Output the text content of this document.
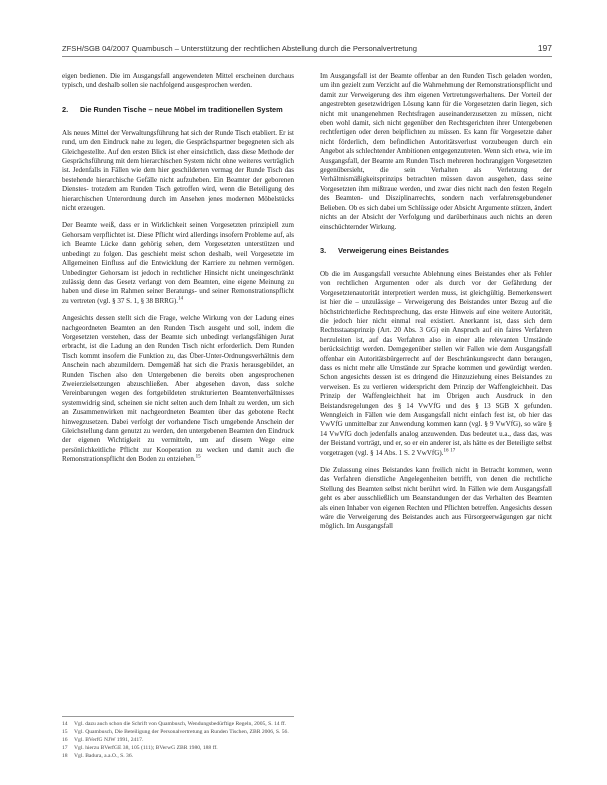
ZFSH/SGB 04/2007 Quambusch – Unterstützung der rechtlichen Abstellung durch die Personalvertretung	197

eigen bedienen. Die im Ausgangsfall angewendeten Mittel erscheinen durchaus typisch, und deshalb sollen sie nachfolgend ausgesprochen werden.

2.	Die Runden Tische – neue Möbel im traditionellen System

Als neues Mittel der Verwaltungsführung hat sich der Runde Tisch etabliert. Er ist rund, um den Eindruck nahe zu legen, die Gesprächspartner begegneten sich als Gleichgestellte. Auf den ersten Blick ist eher einsichtlich, dass diese Methode der Gesprächsführung mit dem hierarchischen System nicht ohne weiteres verträglich ist. Jedenfalls in Fällen wie dem hier geschilderten vermag der Runde Tisch das bestehende hierarchische Gefälle nicht aufzuheben. Ein Beamter der geborenen Dienstes- trotzdem am Runden Tisch getroffen wird, wenn die Beteiligung des hierarchischen Unterordnung durch im Ansehen jenes modernen Möbelstücks nicht erzeugen.

Der Beamte weiß, dass er in Wirklichkeit seinen Vorgesetzten prinzipiell zum Gehorsam verpflichtet ist. Diese Pflicht wird allerdings insofern Probleme auf, als ich Beamte Lücke dann gehörig sehen, dem Vorgesetzten unterstützen und unbedingt zu folgen. Das geschieht meist schon deshalb, weil Vorgesetzte im Allgemeinen Einfluss auf die Entwicklung der Karriere zu nehmen vermögen. Unbedingter Gehorsam ist jedoch in rechtlicher Hinsicht nicht uneingeschränkt zulässig denn das Gesetz verlangt von dem Beamten, eine eigene Meinung zu haben und diese im Rahmen seiner Beratungs- und seiner Remonstrationspflicht zu vertreten (vgl. § 37 S. 1, § 38 BRRG).$^{14}$

Angesichts dessen stellt sich die Frage, welche Wirkung von der Ladung eines nachgeordneten Beamten an den Runden Tisch ausgeht und soll, indem die Vorgesetzten verstehen, dass der Beamte sich unbedingt verlangsfähigen Jurat erbracht, ist die Ladung an den Runden Tisch nicht erforderlich. Dem Runden Tisch kommt insofern die Funktion zu, das Über-Unter-Ordnungsverhältnis dem Anschein nach abzumildern. Demgemäß hat sich die Praxis herausgebildet, an Runden Tischen also den Untergebenen die bereits oben angesprochenen Zweierzielsetzungen abzuschließen. Aber abgesehen davon, dass solche Vereinbarungen wegen des fortgebildeten strukturierten Beamtenverhältnisses systemwidrig sind, scheinen sie nicht selten auch dem Inhalt zu werden, um sich an Zusammenwirken mit nachgeordneten Beamten über das gebotene Recht hinwegzusetzen. Dabei verfolgt der vorhandene Tisch umgebende Anschein der Gleichstellung dann genutzt zu werden, den untergebenen Beamten den Eindruck der eigenen Wichtigkeit zu vermitteln, um auf diesem Wege eine persönlichkeitliche Pflicht zur Kooperation zu wecken und damit auch die Remonstrationspflicht den Boden zu entziehen.$^{15}$

Im Ausgangsfall ist der Beamte offenbar an den Runden Tisch geladen worden, um ihn gezielt zum Verzicht auf die Wahrnehmung der Remonstrationspflicht und damit zur Verweigerung des ihm eigenen Vertretungsverhaltens. Der Vorteil der angestrebten gesetzwidrigen Lösung kann für die Vorgesetzten darin liegen, sich nicht mit unangenehmen Rechtsfragen auseinanderzusetzen zu müssen, nicht eben wohl damit, sich nicht gegenüber den Rechtsgerichten ihrer Untergebenen rechtfertigen oder deren beipflichten zu müssen. Es kann für Vorgesetzte daher nicht förderlich, dem befindlichen Autoritätsverlust vorzubeugen durch ein Angebot als schlechtender Ambitionen entgegenzutreten. Wenn sich etwa, wie im Ausgangsfall, der Beamte am Runden Tisch mehreren hochrangigen Vorgesetzten gegenübersieht, die sein Verhalten als Verletzung der Verhältnismäßigkeitsprinzips betrachten müssen davon ausgehen, dass seine Vorgesetzten ihm mißtraue werden, und zwar dies nicht nach den festen Regeln des Beamten- und Disziplinarrechts, sondern nach verfahrensgebundener Belieben. Ob es sich dabei um Schlüssige oder Absicht Argumente stützen, ändert nichts an der Absicht der Verfolgung und darüberhinaus auch nichts an deren einschüchternder Wirkung.

3.	Verweigerung eines Beistandes

Ob die im Ausgangsfall versuchte Ablehnung eines Beistandes eher als Fehler von rechtlichen Argumenten oder als durch vor der Gefährdung der Vorgesetztenautorität interpretiert werden muss, ist gleichgültig. Bemerkenswert ist hier die – unzulässige – Verweigerung des Beistandes unter Bezug auf die höchstrichterliche Rechtsprechung, das erste Hinweis auf eine weitere Autorität, die jedoch hier nicht einmal real existiert. Anerkannt ist, dass sich dem Rechtsstaatsprinzip (Art. 20 Abs. 3 GG) ein Anspruch auf ein faires Verfahren herzuleiten ist, auf das Verfahren also in einer alle relevanten Umstände berücksichtigt werden. Demgegenüber stellen wir Fallen wie dem Ausgangsfall offenbar ein Autoritätsbürgerrecht auf der Beschränkungsrecht dann beraugen, dass es nicht mehr alle Umstände zur Sprache kommen und gewürdigt werden. Schon angesichts dessen ist es dringend die Hinzuziehung eines Beistandes zu verweisen. Es zu verlieren widerspricht dem Prinzip der Waffengleichheit. Das Prinzip der Waffengleichheit hat im Übrigen auch Ausdruck in den Beistandsregelungen des § 14 VwVfG und des § 13 SGB X gefunden. Wenngleich in Fällen wie dem Ausgangsfall nicht einfach fest ist, ob hier das VwVfG unmittelbar zur Anwendung kommen kann (vgl. § 9 VwVfG), so wäre § 14 VwVfG doch jedenfalls analog anzuwenden. Das bedeutet u.a., dass das, was der Beistand vorträgt, und er, so er ein anderer ist, als hätte es der Beteiligte selbst vorgetragen (vgl. § 14 Abs. 1 S. 2 VwVfG).$^{16}$ $^{17}$

Die Zulassung eines Beistandes kann freilich nicht in Betracht kommen, wenn das Verfahren dienstliche Angelegenheiten betrifft, von denen die rechtliche Stellung des Beamten selbst nicht berührt wird. In Fällen wie dem Ausgangsfall geht es aber ausschließlich um Beanstandungen der das Verhalten des Beamten als einen Inhaber von eigenen Rechten und Pflichten betreffen. Angesichts dessen wäre die Verweigerung des Beistandes auch aus Fürsorgeerwägungen gar nicht möglich. Im Ausgangsfall

14	Vgl. dazu auch schon die Schrift von Quambusch, Wendungsbedürftige Regeln, 2005, S. 14 ff.
15	Vgl. Quambusch, Die Beteiligung der Personalvertretung an Runden Tischen, ZBR 2006, S. 56.
16	Vgl. BVerfG NJW 1991, 2417.
17	Vgl. hierzu BVerfGE 38, 105 (111); BVerwG ZBR 1980, 188 ff.
18	Vgl. Badura, a.a.O., S. 36.
